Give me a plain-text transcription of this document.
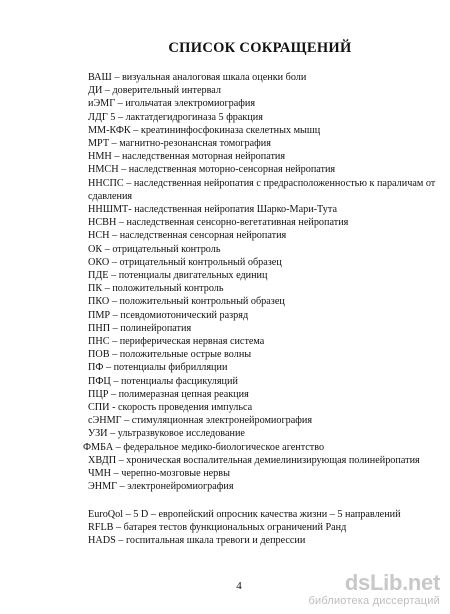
СПИСОК СОКРАЩЕНИЙ
ВАШ – визуальная аналоговая шкала оценки боли
ДИ – доверительный интервал
иЭМГ – игольчатая электромиография
ЛДГ 5 – лактатдегидрогиназа 5 фракция
ММ-КФК – креатининфосфокиназа скелетных мышц
МРТ – магнитно-резонансная томография
НМН – наследственная моторная нейропатия
НМСН – наследственная моторно-сенсорная нейропатия
НHСПС – наследственная нейропатия с предрасположенностью к параличам от сдавления
НHШМТ- наследственная нейропатия Шарко-Мари-Тута
НСВН – наследственная сенсорно-вегетативная нейропатия
НСН – наследственная сенсорная нейропатия
ОК – отрицательный контроль
ОКО – отрицательный контрольный образец
ПДЕ – потенциалы двигательных единиц
ПК – положительный контроль
ПКО – положительный контрольный образец
ПМР – псевдомиотонический разряд
ПНП – полинейропатия
ПНС – периферическая нервная система
ПОВ – положительные острые волны
ПФ – потенциалы фибрилляции
ПФЦ – потенциалы фасцикуляций
ПЦР – полимеразная цепная реакция
СПИ - скорость проведения импульса
сЭНМГ – стимуляционная электронейромиография
УЗИ – ультразвуковое исследование
ФМБА – федеральное медико-биологическое агентство
ХВДП – хроническая воспалительная демиелинизирующая полинейропатия
ЧМН – черепно-мозговые нервы
ЭНМГ – электронейромиография
EuroQol – 5 D – европейский опросник качества жизни – 5 направлений
RFLB – батарея тестов функциональных ограничений Ранд
HADS – госпитальная шкала тревоги и депрессии
4	dsLib.net
библиотека диссертаций
